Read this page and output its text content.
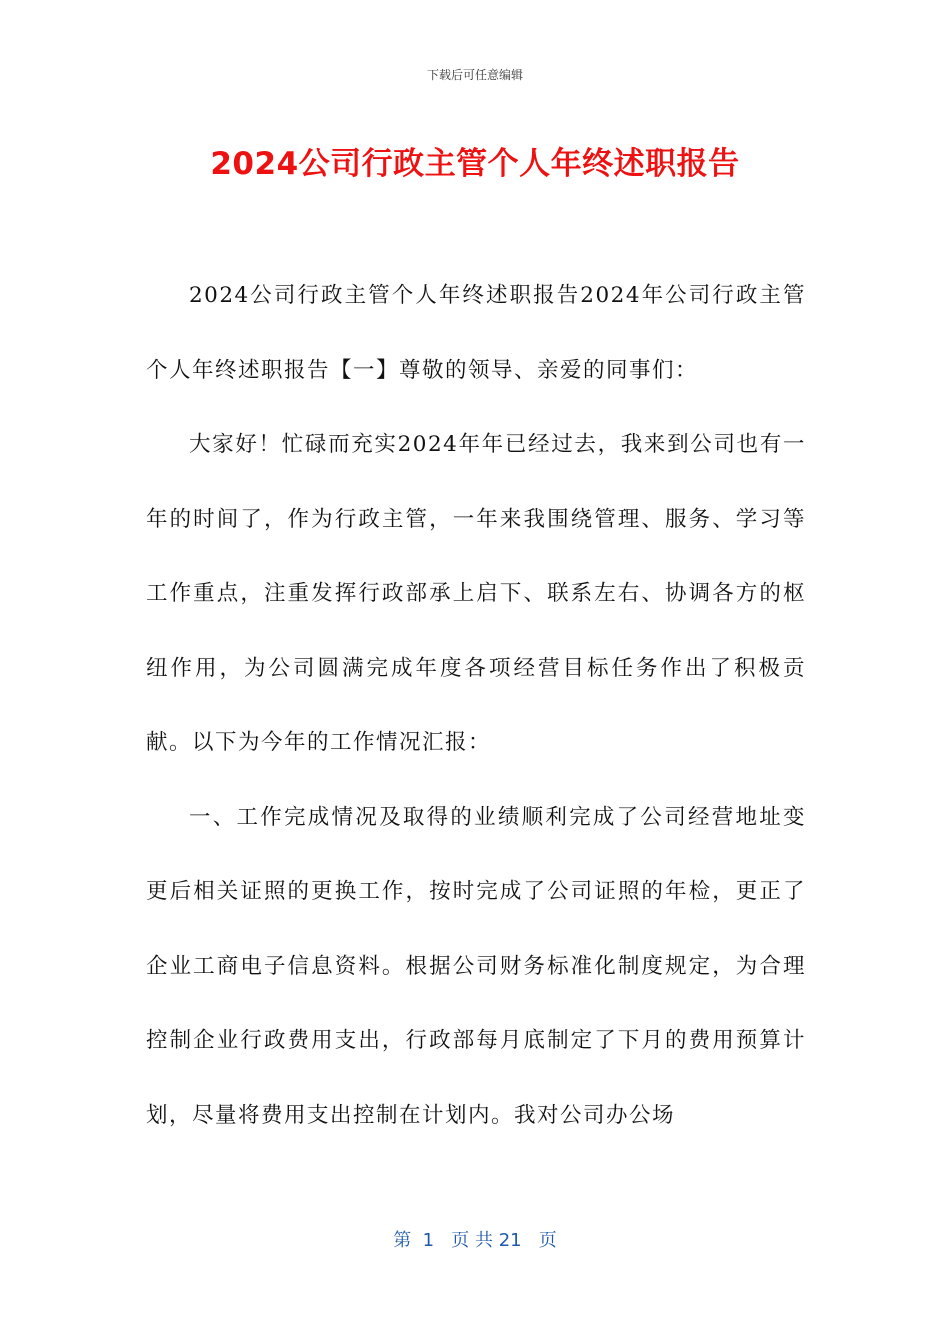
下载后可任意编辑
2024公司行政主管个人年终述职报告

2024公司行政主管个人年终述职报告2024年公司行政主管个人年终述职报告【一】尊敬的领导、亲爱的同事们：

大家好！忙碌而充实2024年年已经过去，我来到公司也有一年的时间了，作为行政主管，一年来我围绕管理、服务、学习等工作重点，注重发挥行政部承上启下、联系左右、协调各方的枢纽作用，为公司圆满完成年度各项经营目标任务作出了积极贡献。以下为今年的工作情况汇报：

一、工作完成情况及取得的业绩顺利完成了公司经营地址变更后相关证照的更换工作，按时完成了公司证照的年检，更正了企业工商电子信息资料。根据公司财务标准化制度规定，为合理控制企业行政费用支出，行政部每月底制定了下月的费用预算计划，尽量将费用支出控制在计划内。我对公司办公场

第  1   页 共 21   页
